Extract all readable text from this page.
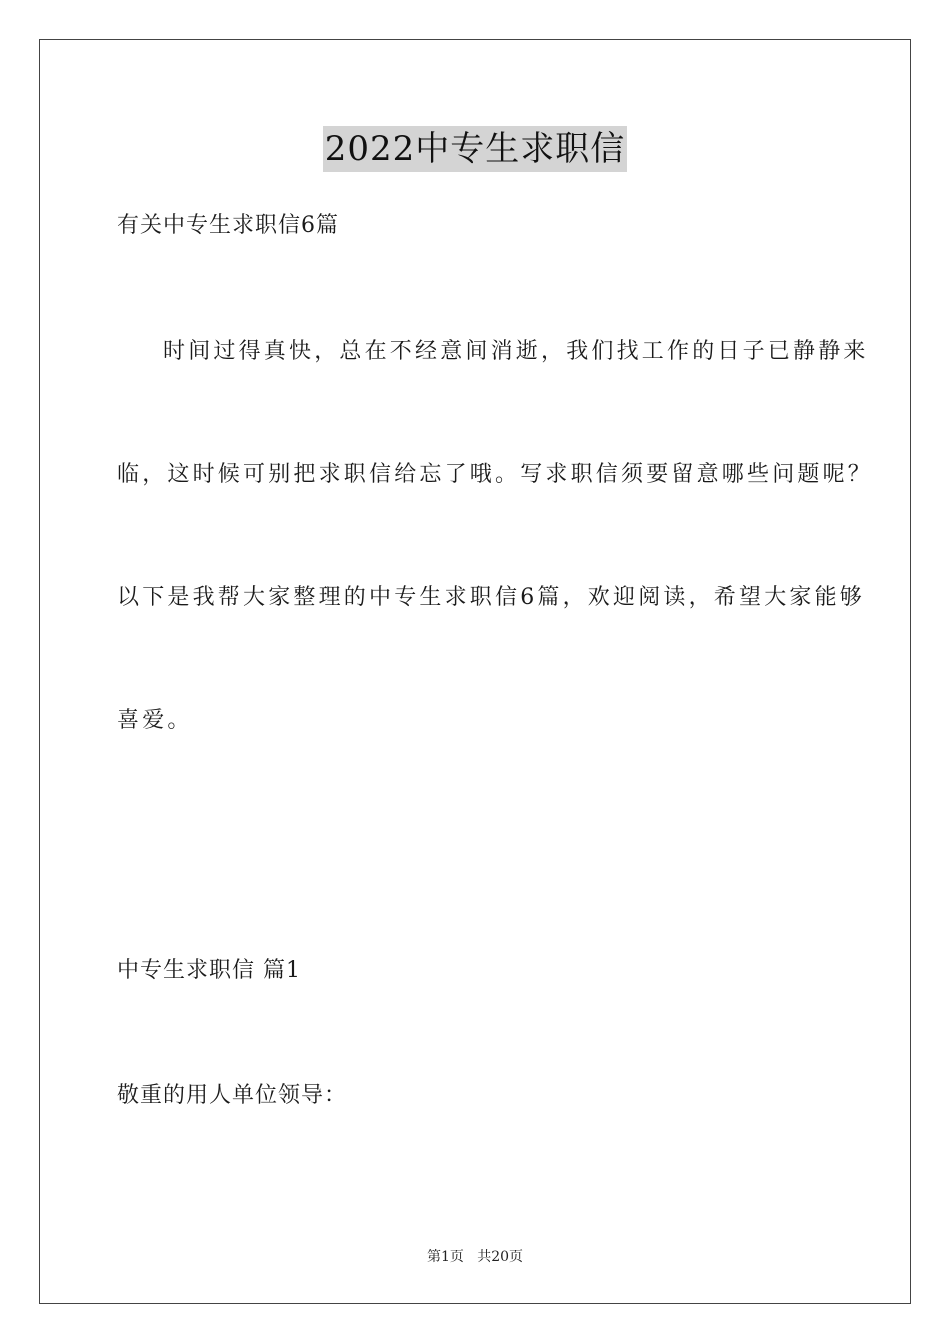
2022中专生求职信
有关中专生求职信6篇
时间过得真快，总在不经意间消逝，我们找工作的日子已静静来
临，这时候可别把求职信给忘了哦。写求职信须要留意哪些问题呢？
以下是我帮大家整理的中专生求职信6篇，欢迎阅读，希望大家能够
喜爱。
中专生求职信 篇1
敬重的用人单位领导：
第1页   共20页
